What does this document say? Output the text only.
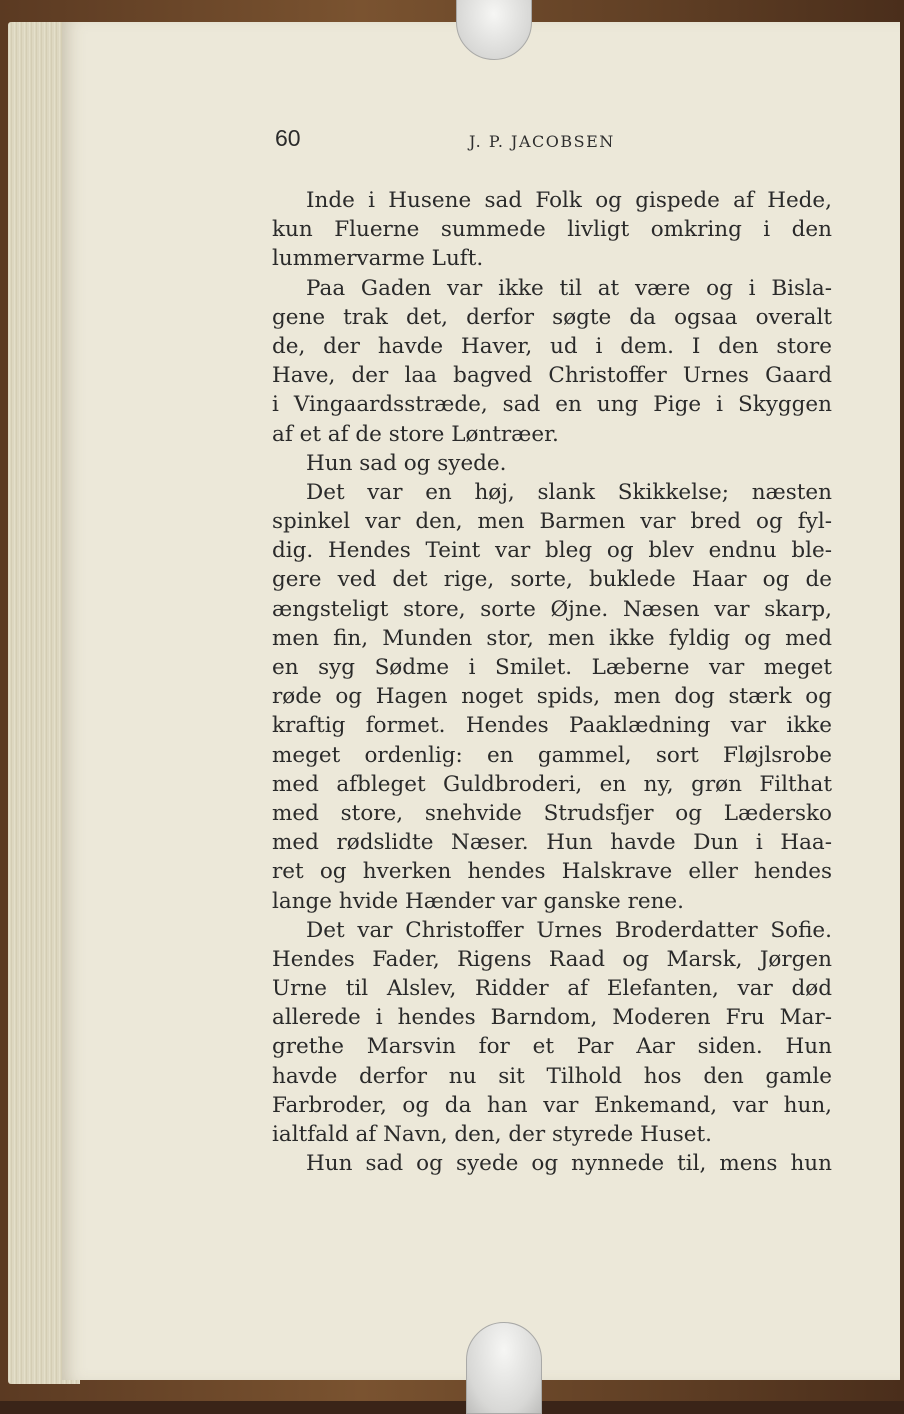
60	J. P. JACOBSEN
Inde i Husene sad Folk og gispede af Hede,
kun Fluerne summede livligt omkring i den
lummervarme Luft.
Paa Gaden var ikke til at være og i Bisla-
gene trak det, derfor søgte da ogsaa overalt
de, der havde Haver, ud i dem. I den store
Have, der laa bagved Christoffer Urnes Gaard
i Vingaardsstræde, sad en ung Pige i Skyggen
af et af de store Løntræer.
Hun sad og syede.
Det var en høj, slank Skikkelse; næsten
spinkel var den, men Barmen var bred og fyl-
dig. Hendes Teint var bleg og blev endnu ble-
gere ved det rige, sorte, buklede Haar og de
ængsteligt store, sorte Øjne. Næsen var skarp,
men fin, Munden stor, men ikke fyldig og med
en syg Sødme i Smilet. Læberne var meget
røde og Hagen noget spids, men dog stærk og
kraftig formet. Hendes Paaklædning var ikke
meget ordenlig: en gammel, sort Fløjlsrobe
med afbleget Guldbroderi, en ny, grøn Filthat
med store, snehvide Strudsfjer og Lædersko
med rødslidte Næser. Hun havde Dun i Haa-
ret og hverken hendes Halskrave eller hendes
lange hvide Hænder var ganske rene.
Det var Christoffer Urnes Broderdatter Sofie.
Hendes Fader, Rigens Raad og Marsk, Jørgen
Urne til Alslev, Ridder af Elefanten, var død
allerede i hendes Barndom, Moderen Fru Mar-
grethe Marsvin for et Par Aar siden. Hun
havde derfor nu sit Tilhold hos den gamle
Farbroder, og da han var Enkemand, var hun,
ialtfald af Navn, den, der styrede Huset.
Hun sad og syede og nynnede til, mens hun
